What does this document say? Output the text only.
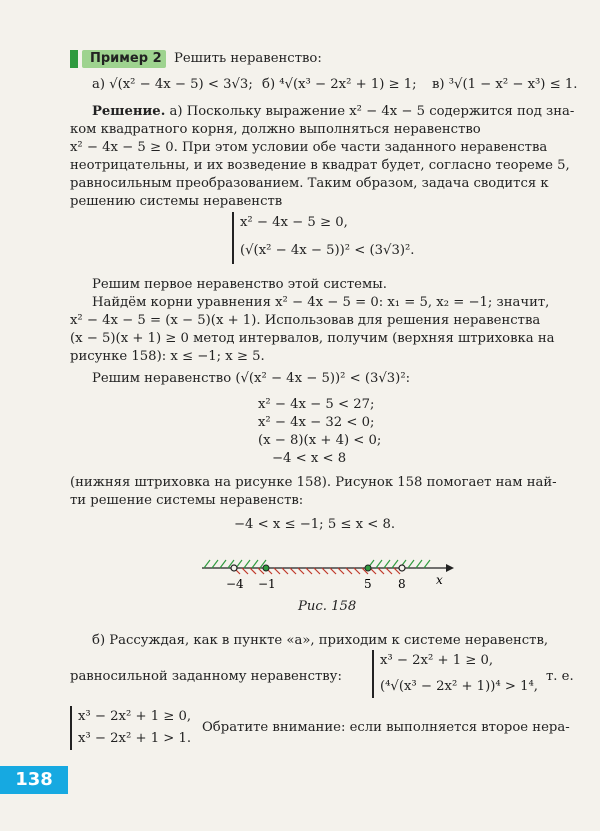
Пример 2 Решить неравенство:
а) √(x² − 4x − 5) < 3√3; б) ⁴√(x³ − 2x² + 1) ≥ 1; в) ³√(1 − x² − x³) ≤ 1.
Решение. а) Поскольку выражение x² − 4x − 5 содержится под зна-
ком квадратного корня, должно выполняться неравенство
x² − 4x − 5 ≥ 0. При этом условии обе части заданного неравенства
неотрицательны, и их возведение в квадрат будет, согласно теореме 5,
равносильным преобразованием. Таким образом, задача сводится к
решению системы неравенств
x² − 4x − 5 ≥ 0,
(√(x² − 4x − 5))² < (3√3)².
Решим первое неравенство этой системы.
Найдём корни уравнения x² − 4x − 5 = 0: x₁ = 5, x₂ = −1; значит,
x² − 4x − 5 = (x − 5)(x + 1). Использовав для решения неравенства
(x − 5)(x + 1) ≥ 0 метод интервалов, получим (верхняя штриховка на
рисунке 158): x ≤ −1; x ≥ 5.
Решим неравенство (√(x² − 4x − 5))² < (3√3)²:
x² − 4x − 5 < 27;
x² − 4x − 32 < 0;
(x − 8)(x + 4) < 0;
−4 < x < 8
(нижняя штриховка на рисунке 158). Рисунок 158 помогает нам най-
ти решение системы неравенств:
−4 < x ≤ −1; 5 ≤ x < 8.
−4 −1	5 8	x
Рис. 158
б) Рассуждая, как в пункте «а», приходим к системе неравенств,
x³ − 2x² + 1 ≥ 0,
равносильной заданному неравенству:
(⁴√(x³ − 2x² + 1))⁴ > 1⁴,
т. е.
x³ − 2x² + 1 ≥ 0,
x³ − 2x² + 1 > 1.
Обратите внимание: если выполняется второе нера-
138
